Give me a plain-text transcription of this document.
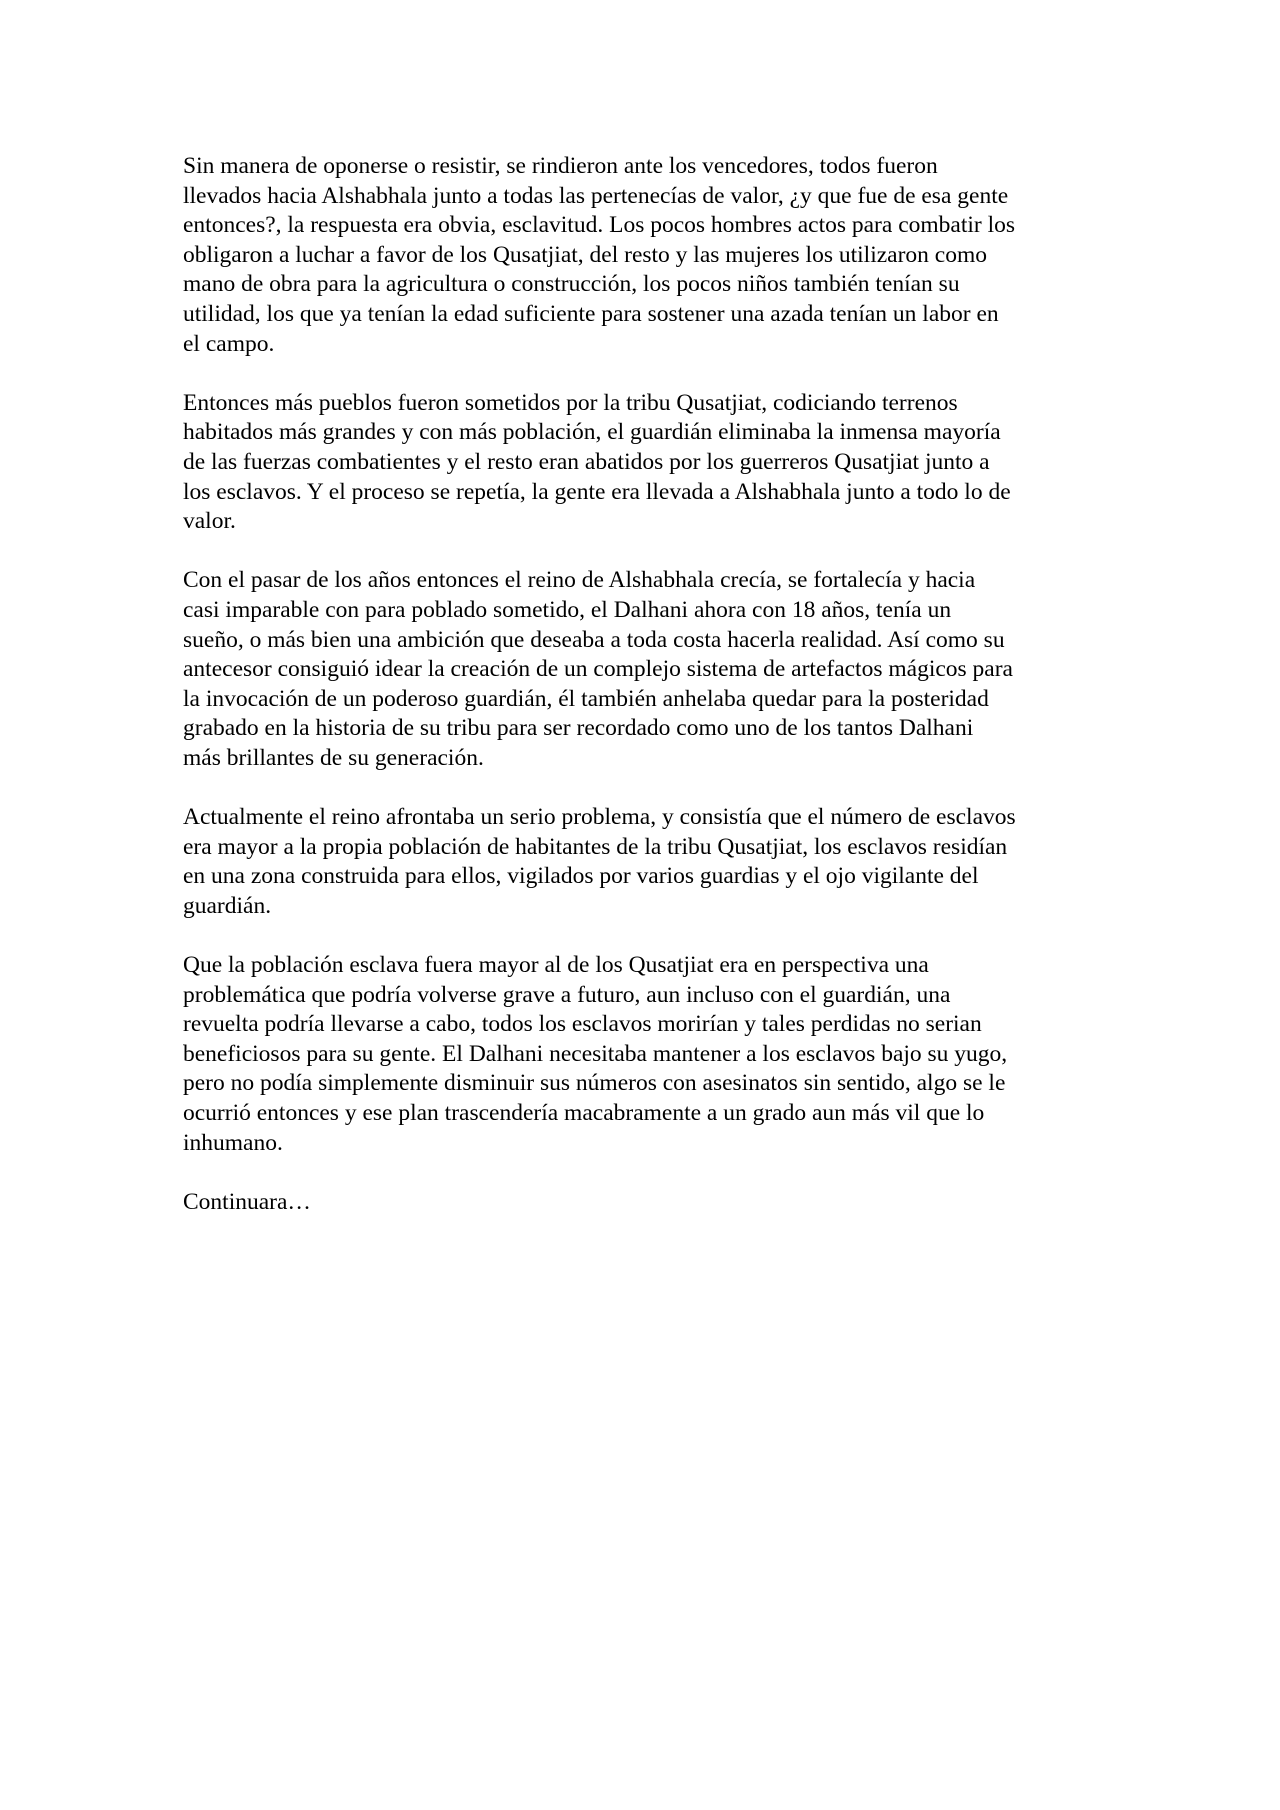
Sin manera de oponerse o resistir, se rindieron ante los vencedores, todos fueron
llevados hacia Alshabhala junto a todas las pertenecías de valor, ¿y que fue de esa gente
entonces?, la respuesta era obvia, esclavitud. Los pocos hombres actos para combatir los
obligaron a luchar a favor de los Qusatjiat, del resto y las mujeres los utilizaron como
mano de obra para la agricultura o construcción, los pocos niños también tenían su
utilidad, los que ya tenían la edad suficiente para sostener una azada tenían un labor en
el campo.

Entonces más pueblos fueron sometidos por la tribu Qusatjiat, codiciando terrenos
habitados más grandes y con más población, el guardián eliminaba la inmensa mayoría
de las fuerzas combatientes y el resto eran abatidos por los guerreros Qusatjiat junto a
los esclavos. Y el proceso se repetía, la gente era llevada a Alshabhala junto a todo lo de
valor.

Con el pasar de los años entonces el reino de Alshabhala crecía, se fortalecía y hacia
casi imparable con para poblado sometido, el Dalhani ahora con 18 años, tenía un
sueño, o más bien una ambición que deseaba a toda costa hacerla realidad. Así como su
antecesor consiguió idear la creación de un complejo sistema de artefactos mágicos para
la invocación de un poderoso guardián, él también anhelaba quedar para la posteridad
grabado en la historia de su tribu para ser recordado como uno de los tantos Dalhani
más brillantes de su generación.

Actualmente el reino afrontaba un serio problema, y consistía que el número de esclavos
era mayor a la propia población de habitantes de la tribu Qusatjiat, los esclavos residían
en una zona construida para ellos, vigilados por varios guardias y el ojo vigilante del
guardián.

Que la población esclava fuera mayor al de los Qusatjiat era en perspectiva una
problemática que podría volverse grave a futuro, aun incluso con el guardián, una
revuelta podría llevarse a cabo, todos los esclavos morirían y tales perdidas no serian
beneficiosos para su gente. El Dalhani necesitaba mantener a los esclavos bajo su yugo,
pero no podía simplemente disminuir sus números con asesinatos sin sentido, algo se le
ocurrió entonces y ese plan trascendería macabramente a un grado aun más vil que lo
inhumano.

Continuara…
